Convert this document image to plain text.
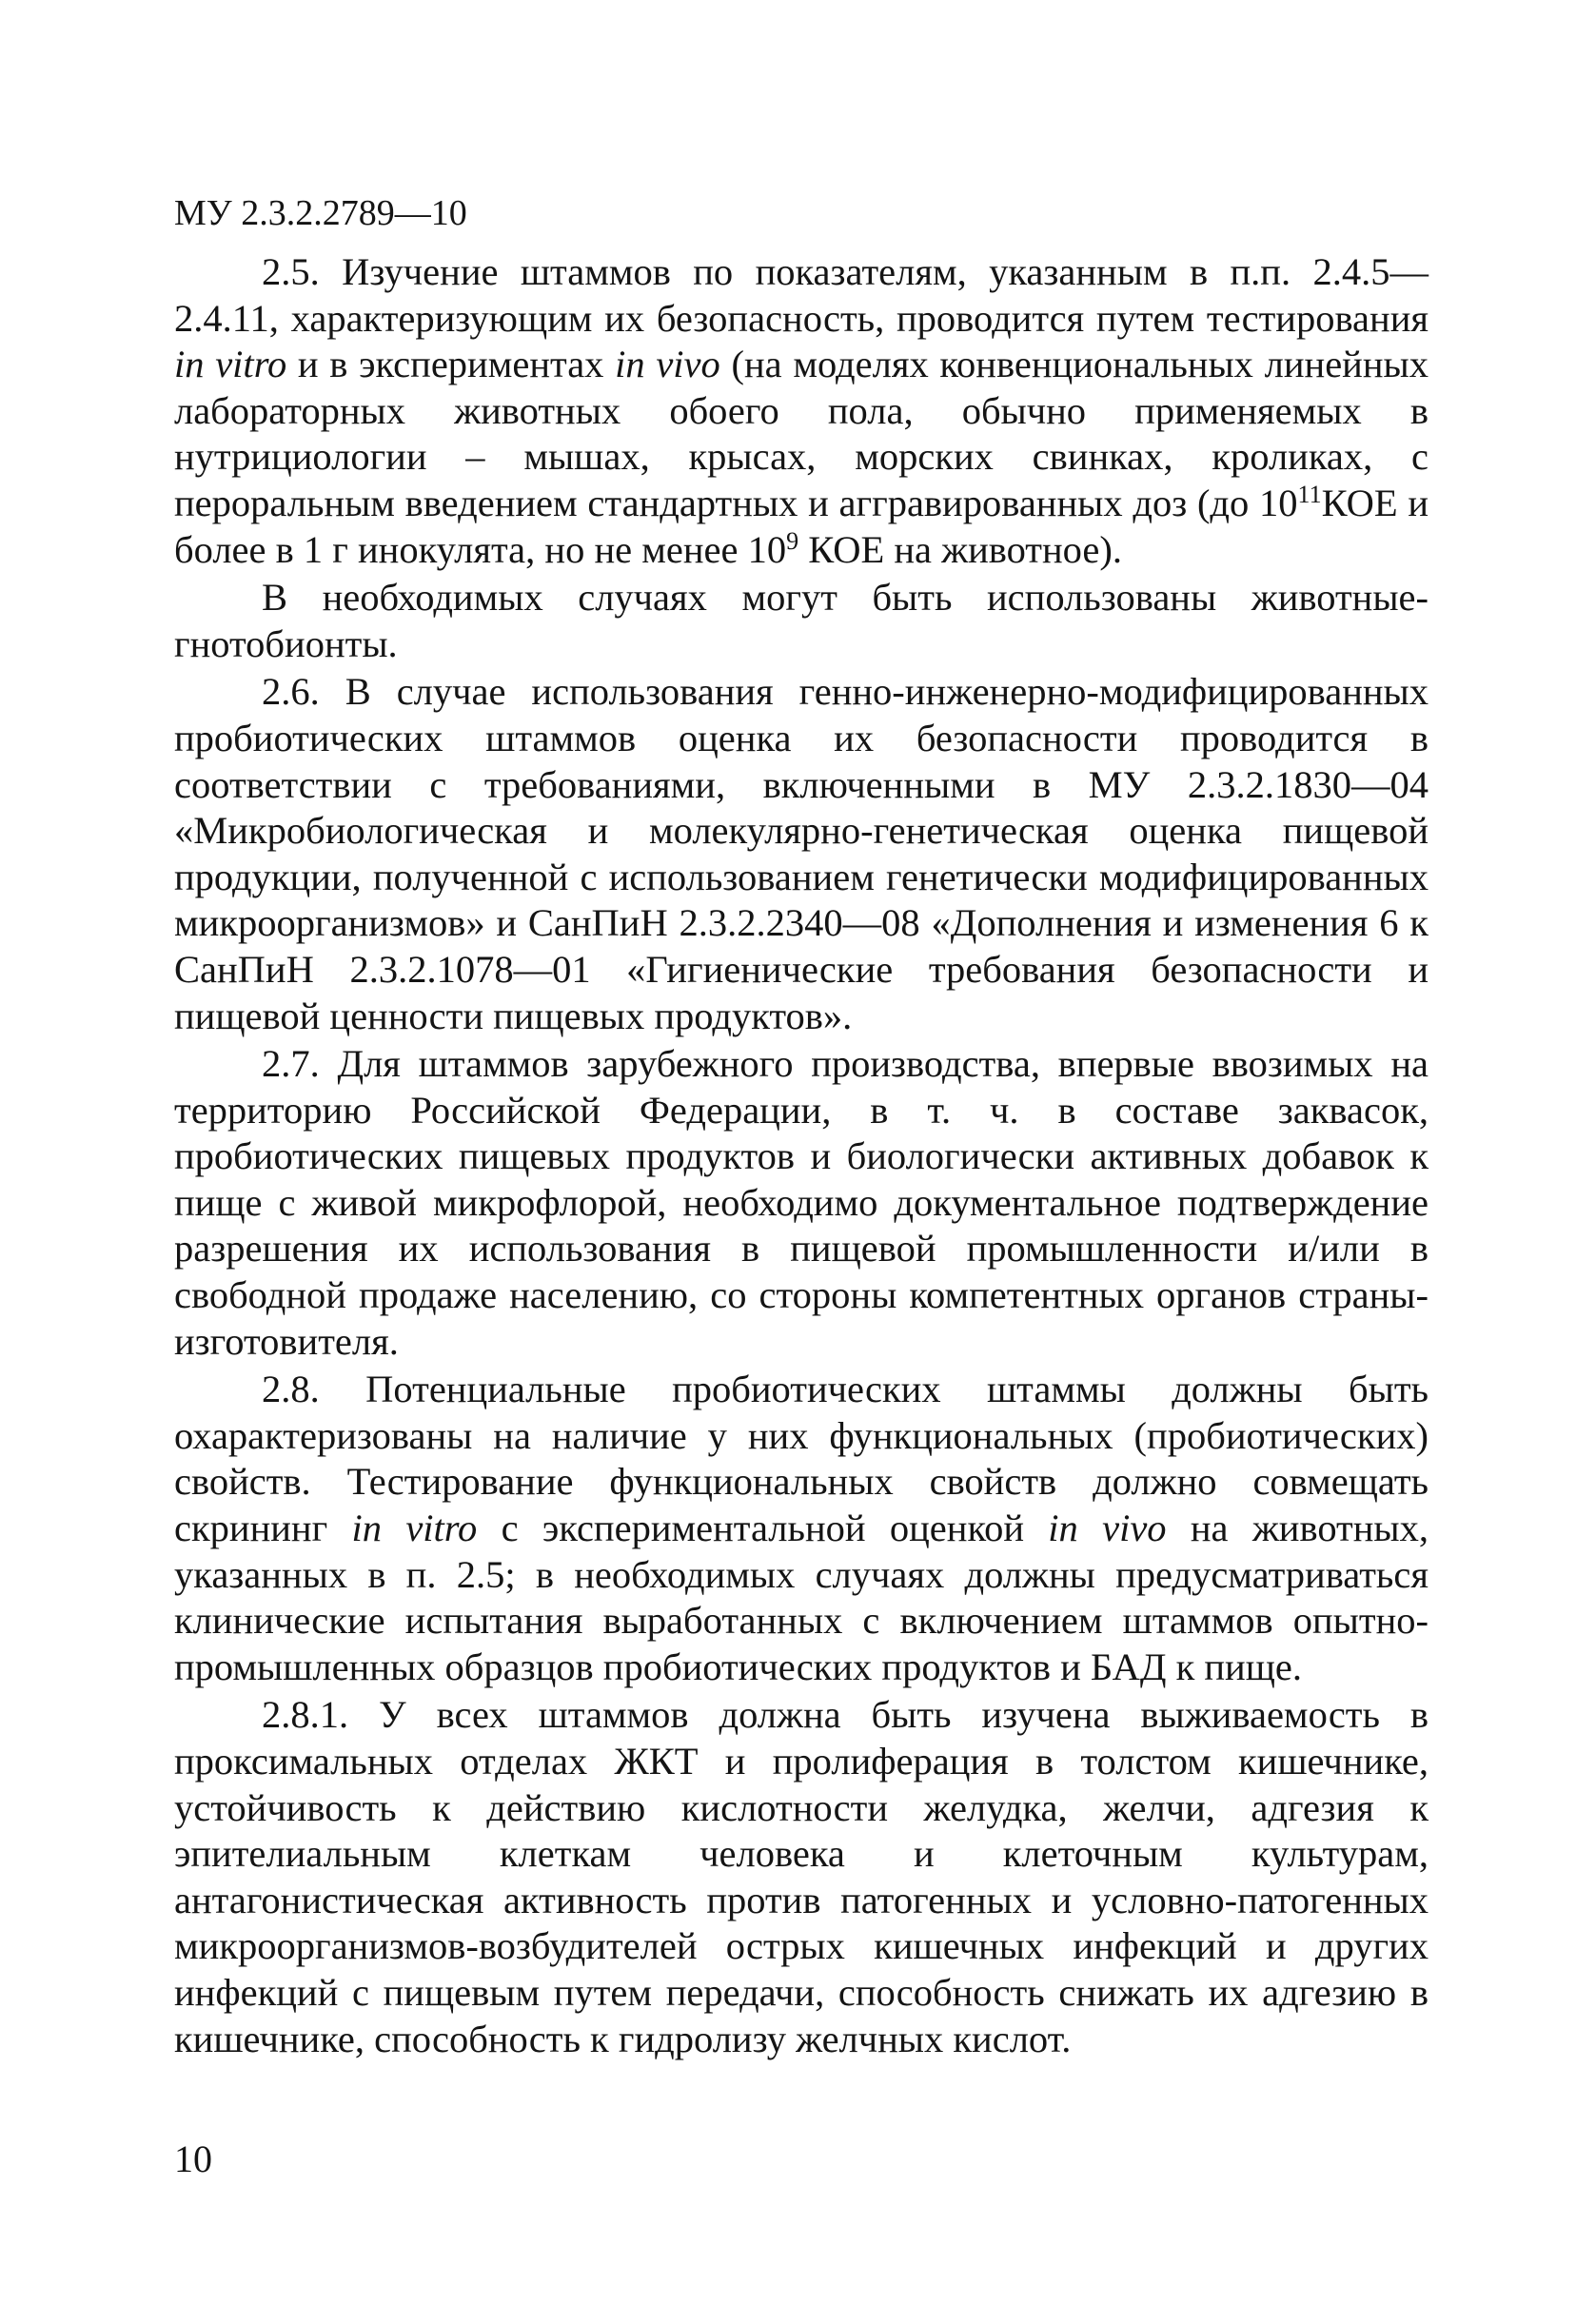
МУ 2.3.2.2789—10

2.5. Изучение штаммов по показателям, указанным в п.п. 2.4.5—2.4.11, характеризующим их безопасность, проводится путем тестирования in vitro и в экспериментах in vivo (на моделях конвенциональных линейных лабораторных животных обоего пола, обычно применяемых в нутрициологии – мышах, крысах, морских свинках, кроликах, с пероральным введением стандартных и аггравированных доз (до $10^{11}КОЕ$ и более в 1 г инокулята, но не менее $10^9$ КОЕ на животное).

В необходимых случаях могут быть использованы животные-гнотобионты.

2.6. В случае использования генно-инженерно-модифицированных пробиотических штаммов оценка их безопасности проводится в соответствии с требованиями, включенными в МУ 2.3.2.1830—04 «Микробиологическая и молекулярно-генетическая оценка пищевой продукции, полученной с использованием генетически модифицированных микроорганизмов» и СанПиН 2.3.2.2340—08 «Дополнения и изменения 6 к СанПиН 2.3.2.1078—01 «Гигиенические требования безопасности и пищевой ценности пищевых продуктов».

2.7. Для штаммов зарубежного производства, впервые ввозимых на территорию Российской Федерации, в т. ч. в составе заквасок, пробиотических пищевых продуктов и биологически активных добавок к пище с живой микрофлорой, необходимо документальное подтверждение разрешения их использования в пищевой промышленности и/или в свободной продаже населению, со стороны компетентных органов страны-изготовителя.

2.8. Потенциальные пробиотических штаммы должны быть охарактеризованы на наличие у них функциональных (пробиотических) свойств. Тестирование функциональных свойств должно совмещать скрининг in vitro с экспериментальной оценкой in vivo на животных, указанных в п. 2.5; в необходимых случаях должны предусматриваться клинические испытания выработанных с включением штаммов опытно-промышленных образцов пробиотических продуктов и БАД к пище.

2.8.1. У всех штаммов должна быть изучена выживаемость в проксимальных отделах ЖКТ и пролиферация в толстом кишечнике, устойчивость к действию кислотности желудка, желчи, адгезия к эпителиальным клеткам человека и клеточным культурам, антагонистическая активность против патогенных и условно-патогенных микроорганизмов-возбудителей острых кишечных инфекций и других инфекций с пищевым путем передачи, способность снижать их адгезию в кишечнике, способность к гидролизу желчных кислот.

10
